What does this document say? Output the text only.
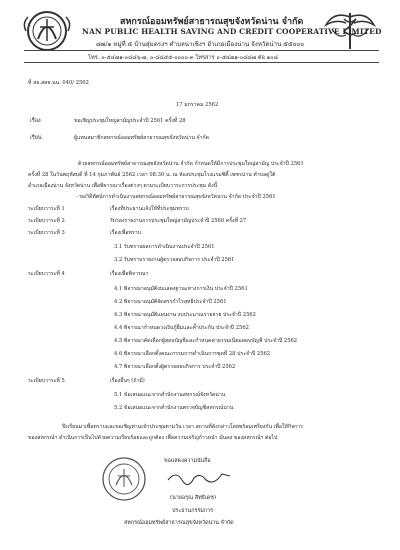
สหกรณ์ออมทรัพย์สาธารณสุขจังหวัดน่าน จำกัด
NAN PUBLIC HEALTH SAVING AND CREDIT COOPERATIVE LIMITED
๘๗/๑ หมู่ที่ ๕ บ้านสุ่มตรงฯ ตำบลนาเชิงฯ อำเภอเมืองน่าน จังหวัดน่าน ๕๕๐๐๐
โทร. ๐-๕๔๗๑-๐๘๘๖-๗, ๐-๘๘๕๕-๐๐๐๐-๓ โทรสาร ๐-๕๔๗๑-๐๘๘๗ ต่อ ๑๐๘
ที่ สอ.สสจ.นน. 040/ 2562
17 มกราคม 2562
เรื่อง	ขอเชิญประชุมใหญ่สามัญประจำปี 2561 ครั้งที่ 28
เรียน	ผู้แทนสมาชิกสหกรณ์ออมทรัพย์สาธารณสุขจังหวัดน่าน จำกัด
ด้วยสหกรณ์ออมทรัพย์สาธารณสุขจังหวัดน่าน จำกัด กำหนดให้มีการประชุมใหญ่สามัญ ประจำปี 2561
ครั้งที่ 28 ในวันพฤหัสบดี ที่ 14 กุมภาพันธ์ 2562 เวลา 08.30 น. ณ ห้องประชุมโรงแรมซิตี้ เพชรน่าน ตำบลดู่ใต้
อำเภอเมืองน่าน จังหวัดน่าน เพื่อพิจารณาเรื่องต่างๆ ตามระเบียบวาระการประชุม ดังนี้
- ขอวิดีทัศน์การดำเนินงานสหกรณ์ออมทรัพย์สาธารณสุขจังหวัดน่าน จำกัด ประจำปี 2561
ระเบียบวาระที่ 1	เรื่องที่ประธานแจ้งให้ที่ประชุมทราบ
ระเบียบวาระที่ 2	รับรองรายงานการประชุมใหญ่สามัญประจำปี 2560 ครั้งที่ 27
ระเบียบวาระที่ 3	เรื่องเพื่อทราบ
3.1 รับทราบผลการดำเนินงานประจำปี 2561
3.2 รับทราบรายงานผู้ตรวจสอบกิจการ ประจำปี 2561
ระเบียบวาระที่ 4	เรื่องเพื่อพิจารณา
4.1 พิจารณาอนุมัติงบแสดงฐานะทางการเงิน ประจำปี 2561
4.2 พิจารณาอนุมัติจัดสรรกำไรสุทธิประจำปี 2561
4.3 พิจารณาอนุมัติแผนงาน งบประมาณรายจ่าย ประจำปี 2562
4.4 พิจารณากำหนดวงเงินกู้ยืมและค้ำประกัน ประจำปี 2562
4.5 พิจารณาคัดเลือกผู้สอบบัญชีและกำหนดค่าธรรมเนียมสอบบัญชี ประจำปี 2562
4.6 พิจารณาเลือกตั้งคณะกรรมการดำเนินการชุดที่ 28 ประจำปี 2562
4.7 พิจารณาเลือกตั้งผู้ตรวจสอบกิจการ ประจำปี 2562
ระเบียบวาระที่ 5	เรื่องอื่นๆ (ถ้ามี)
5.1 ข้อเสนอแนะจากสำนักงานสหกรณ์จังหวัดน่าน
5.2 ข้อเสนอแนะจากสำนักงานตรวจบัญชีสหกรณ์น่าน
จึงเรียนมาเพื่อทราบและขอเชิญท่านเข้าประชุมตามวัน เวลา สถานที่ดังกล่าวโดยพร้อมเพรียงกัน เพื่อให้กิจการ
ของสหกรณ์ฯ ดำเนินการเป็นไปด้วยความเรียบร้อยและถูกต้อง เพื่อความเจริญก้าวหน้า มั่นคง ของสหกรณ์ฯ ต่อไป
ขอแสดงความนับถือ
(นายอรุณ สิทธิเดช)
ประธานกรรมการ
สหกรณ์ออมทรัพย์สาธารณสุขจังหวัดน่าน จำกัด
